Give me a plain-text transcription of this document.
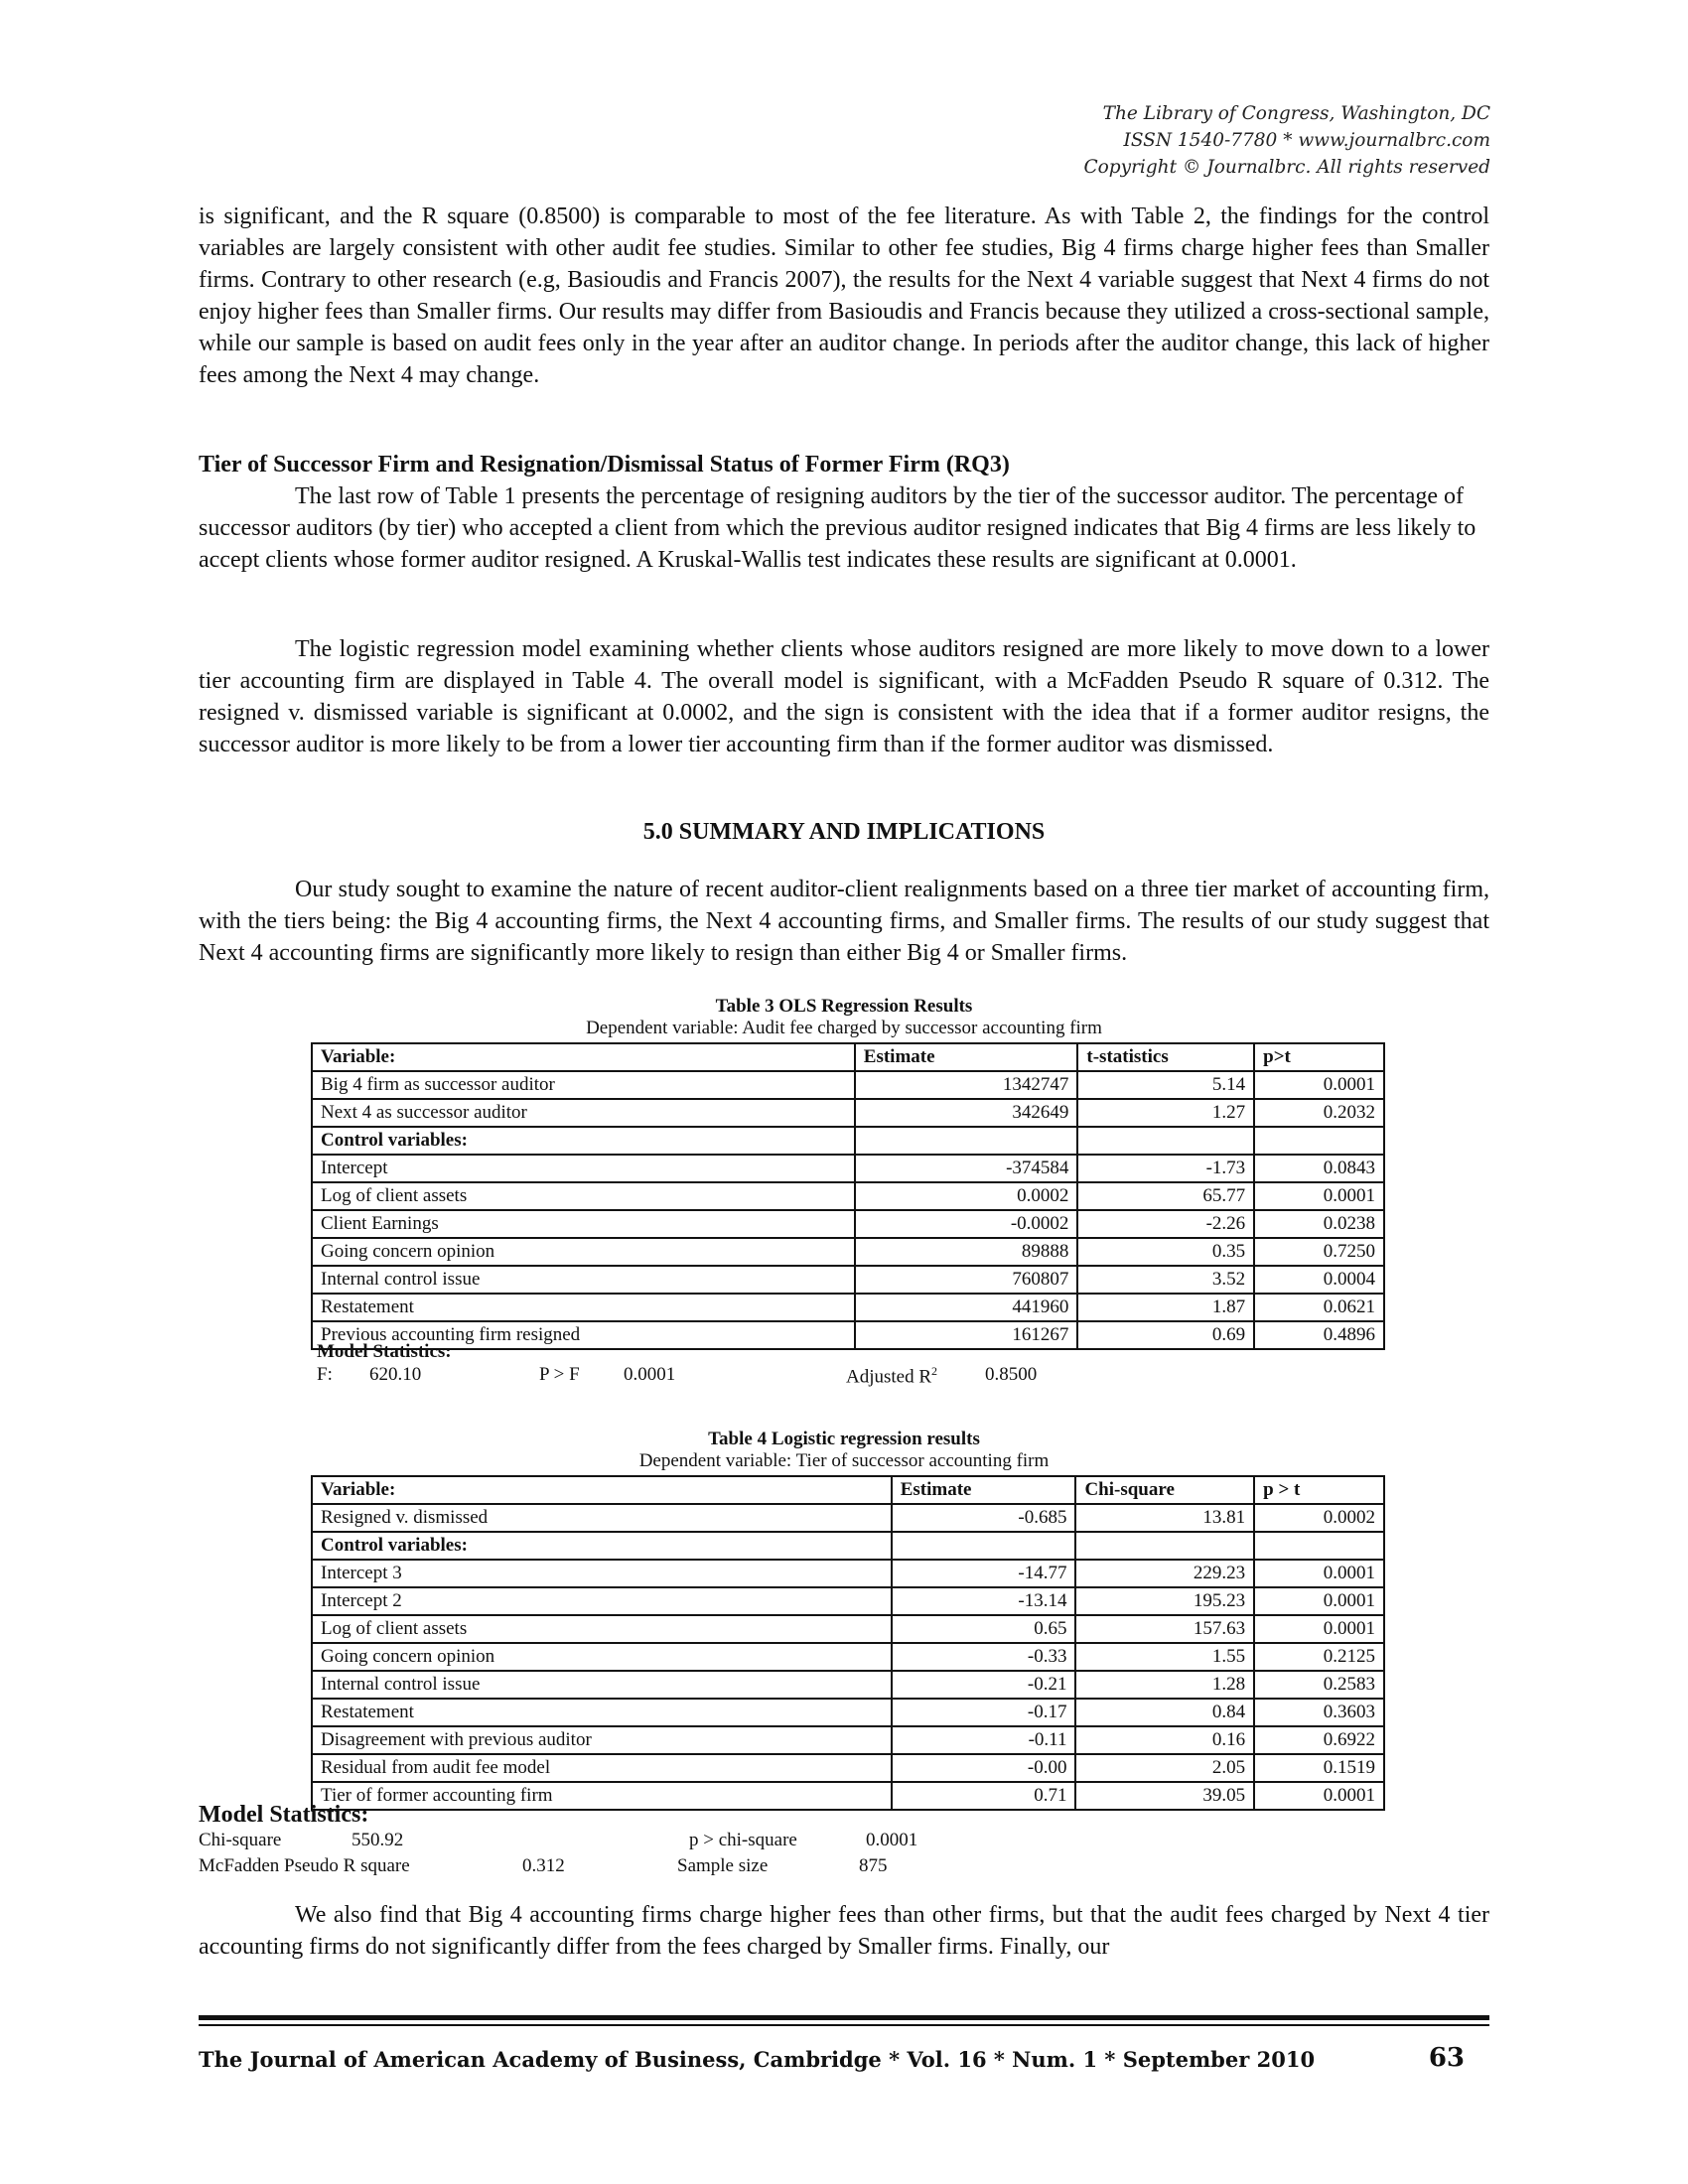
The Library of Congress, Washington, DC
ISSN 1540-7780 * www.journalbrc.com
Copyright © Journalbrc. All rights reserved

is significant, and the R square (0.8500) is comparable to most of the fee literature. As with Table 2, the findings for the control variables are largely consistent with other audit fee studies. Similar to other fee studies, Big 4 firms charge higher fees than Smaller firms. Contrary to other research (e.g, Basioudis and Francis 2007), the results for the Next 4 variable suggest that Next 4 firms do not enjoy higher fees than Smaller firms. Our results may differ from Basioudis and Francis because they utilized a cross-sectional sample, while our sample is based on audit fees only in the year after an auditor change. In periods after the auditor change, this lack of higher fees among the Next 4 may change.

Tier of Successor Firm and Resignation/Dismissal Status of Former Firm (RQ3)

The last row of Table 1 presents the percentage of resigning auditors by the tier of the successor auditor. The percentage of successor auditors (by tier) who accepted a client from which the previous auditor resigned indicates that Big 4 firms are less likely to accept clients whose former auditor resigned. A Kruskal-Wallis test indicates these results are significant at 0.0001.

The logistic regression model examining whether clients whose auditors resigned are more likely to move down to a lower tier accounting firm are displayed in Table 4. The overall model is significant, with a McFadden Pseudo R square of 0.312. The resigned v. dismissed variable is significant at 0.0002, and the sign is consistent with the idea that if a former auditor resigns, the successor auditor is more likely to be from a lower tier accounting firm than if the former auditor was dismissed.

5.0 SUMMARY AND IMPLICATIONS

Our study sought to examine the nature of recent auditor-client realignments based on a three tier market of accounting firm, with the tiers being: the Big 4 accounting firms, the Next 4 accounting firms, and Smaller firms. The results of our study suggest that Next 4 accounting firms are significantly more likely to resign than either Big 4 or Smaller firms.

Table 3 OLS Regression Results
Dependent variable: Audit fee charged by successor accounting firm
Variable:	Estimate	t-statistics	p>t
Big 4 firm as successor auditor	1342747	5.14	0.0001
Next 4 as successor auditor	342649	1.27	0.2032
Control variables:			
Intercept	-374584	-1.73	0.0843
Log of client assets	0.0002	65.77	0.0001
Client Earnings	-0.0002	-2.26	0.0238
Going concern opinion	89888	0.35	0.7250
Internal control issue	760807	3.52	0.0004
Restatement	441960	1.87	0.0621
Previous accounting firm resigned	161267	0.69	0.4896
Model Statistics:
F: 620.10	P > F 0.0001	Adjusted $R^2$	0.8500
Table 4 Logistic regression results
Dependent variable: Tier of successor accounting firm
Variable:	Estimate	Chi-square	p > t
Resigned v. dismissed	-0.685	13.81	0.0002
Control variables:			
Intercept 3	-14.77	229.23	0.0001
Intercept 2	-13.14	195.23	0.0001
Log of client assets	0.65	157.63	0.0001
Going concern opinion	-0.33	1.55	0.2125
Internal control issue	-0.21	1.28	0.2583
Restatement	-0.17	0.84	0.3603
Disagreement with previous auditor	-0.11	0.16	0.6922
Residual from audit fee model	-0.00	2.05	0.1519
Tier of former accounting firm	0.71	39.05	0.0001
Model Statistics:
Chi-square	550.92	p > chi-square	0.0001
McFadden Pseudo R square	0.312	Sample size	875

We also find that Big 4 accounting firms charge higher fees than other firms, but that the audit fees charged by Next 4 tier accounting firms do not significantly differ from the fees charged by Smaller firms. Finally, our

The Journal of American Academy of Business, Cambridge * Vol. 16 * Num. 1 * September 2010	63
